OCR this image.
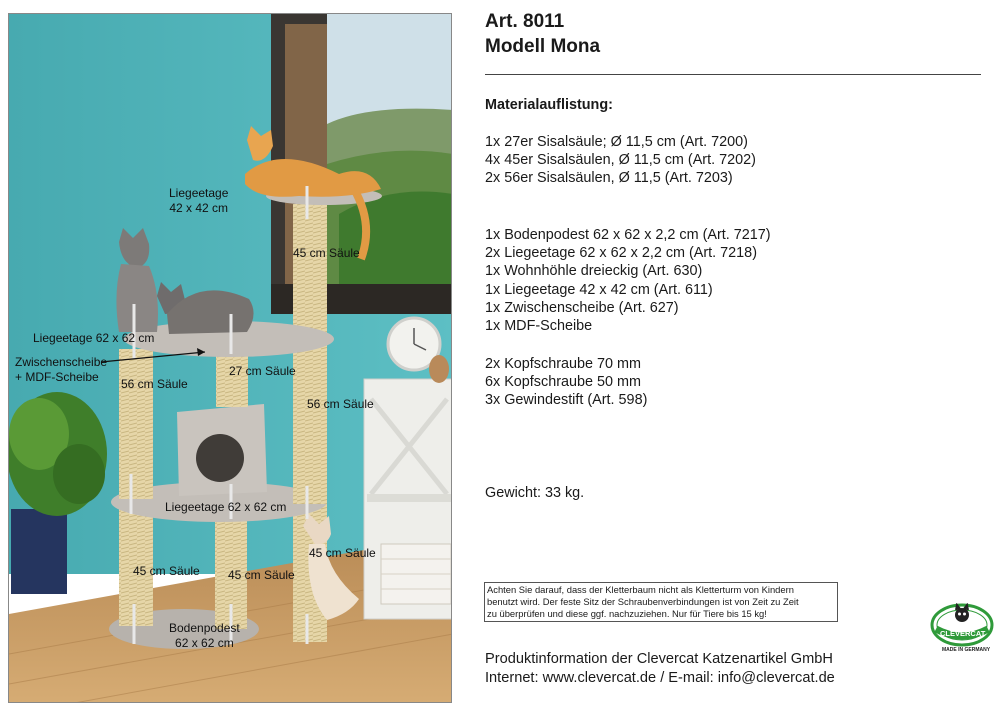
Liegeetage
42 x 42 cm
45 cm Säule
Liegeetage 62 x 62 cm
Zwischenscheibe
+ MDF-Scheibe	27 cm Säule
56 cm Säule
56 cm Säule
Liegeetage 62 x 62 cm
45 cm Säule
45 cm Säule 45 cm Säule
Bodenpodest
62 x 62 cm
Art. 8011
Modell Mona
Materialauflistung:
1x 27er Sisalsäule; Ø 11,5 cm (Art. 7200)
4x 45er Sisalsäulen, Ø 11,5 cm (Art. 7202)
2x 56er Sisalsäulen, Ø 11,5 (Art. 7203)
1x Bodenpodest 62 x 62 x 2,2 cm (Art. 7217)
2x Liegeetage 62 x 62 x 2,2 cm (Art. 7218)
1x Wohnhöhle dreieckig (Art. 630)
1x Liegeetage 42 x 42 cm (Art. 611)
1x Zwischenscheibe (Art. 627)
1x MDF-Scheibe
2x Kopfschraube 70 mm
6x Kopfschraube 50 mm
3x Gewindestift (Art. 598)
Gewicht: 33 kg.
Achten Sie darauf, dass der Kletterbaum nicht als Kletterturm von Kindern
benutzt wird. Der feste Sitz der Schraubenverbindungen ist von Zeit zu Zeit
zu überprüfen und diese ggf. nachzuziehen. Nur für Tiere bis 15 kg!
CLEVERCAT
MADE IN GERMANY
Produktinformation der Clevercat Katzenartikel GmbH
Internet: www.clevercat.de / E-mail: info@clevercat.de
